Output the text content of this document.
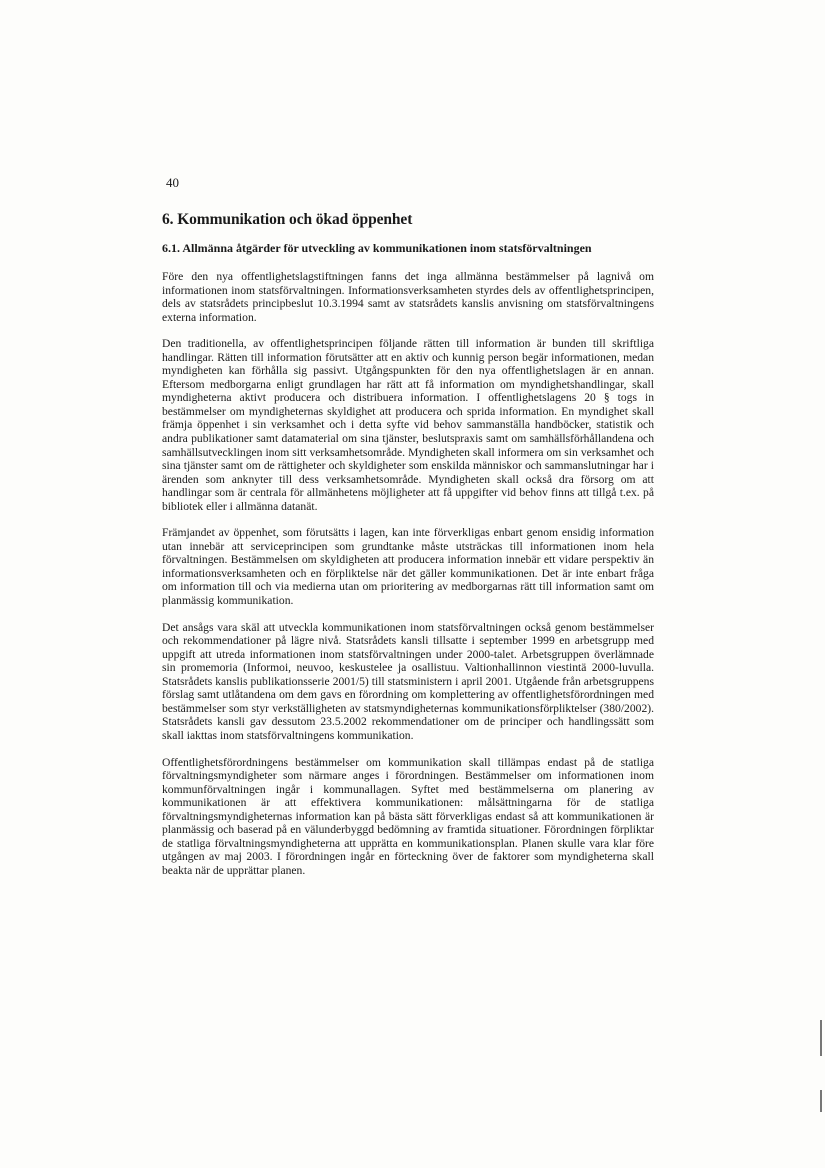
40
6. Kommunikation och ökad öppenhet
6.1. Allmänna åtgärder för utveckling av kommunikationen inom statsförvaltningen

Före den nya offentlighetslagstiftningen fanns det inga allmänna bestämmelser på lagnivå om informationen inom statsförvaltningen. Informationsverksamheten styrdes dels av offentlighetsprincipen, dels av statsrådets principbeslut 10.3.1994 samt av statsrådets kanslis anvisning om statsförvaltningens externa information.

Den traditionella, av offentlighetsprincipen följande rätten till information är bunden till skriftliga handlingar. Rätten till information förutsätter att en aktiv och kunnig person begär informationen, medan myndigheten kan förhålla sig passivt. Utgångspunkten för den nya offentlighetslagen är en annan. Eftersom medborgarna enligt grundlagen har rätt att få information om myndighetshandlingar, skall myndigheterna aktivt producera och distribuera information. I offentlighetslagens 20 § togs in bestämmelser om myndigheternas skyldighet att producera och sprida information. En myndighet skall främja öppenhet i sin verksamhet och i detta syfte vid behov sammanställa handböcker, statistik och andra publikationer samt datamaterial om sina tjänster, beslutspraxis samt om samhällsförhållandena och samhällsutvecklingen inom sitt verksamhetsområde. Myndigheten skall informera om sin verksamhet och sina tjänster samt om de rättigheter och skyldigheter som enskilda människor och sammanslutningar har i ärenden som anknyter till dess verksamhetsområde. Myndigheten skall också dra försorg om att handlingar som är centrala för allmänhetens möjligheter att få uppgifter vid behov finns att tillgå t.ex. på bibliotek eller i allmänna datanät.

Främjandet av öppenhet, som förutsätts i lagen, kan inte förverkligas enbart genom ensidig information utan innebär att serviceprincipen som grundtanke måste utsträckas till informationen inom hela förvaltningen. Bestämmelsen om skyldigheten att producera information innebär ett vidare perspektiv än informationsverksamheten och en förpliktelse när det gäller kommunikationen. Det är inte enbart fråga om information till och via medierna utan om prioritering av medborgarnas rätt till information samt om planmässig kommunikation.

Det ansågs vara skäl att utveckla kommunikationen inom statsförvaltningen också genom bestämmelser och rekommendationer på lägre nivå. Statsrådets kansli tillsatte i september 1999 en arbetsgrupp med uppgift att utreda informationen inom statsförvaltningen under 2000-talet. Arbetsgruppen överlämnade sin promemoria (Informoi, neuvoo, keskustelee ja osallistuu. Valtionhallinnon viestintä 2000-luvulla. Statsrådets kanslis publikationsserie 2001/5) till statsministern i april 2001. Utgående från arbetsgruppens förslag samt utlåtandena om dem gavs en förordning om komplettering av offentlighetsförordningen med bestämmelser som styr verkställigheten av statsmyndigheternas kommunikationsförpliktelser (380/2002). Statsrådets kansli gav dessutom 23.5.2002 rekommendationer om de principer och handlingssätt som skall iakttas inom statsförvaltningens kommunikation.

Offentlighetsförordningens bestämmelser om kommunikation skall tillämpas endast på de statliga förvaltningsmyndigheter som närmare anges i förordningen. Bestämmelser om informationen inom kommunförvaltningen ingår i kommunallagen. Syftet med bestämmelserna om planering av kommunikationen är att effektivera kommunikationen: målsättningarna för de statliga förvaltningsmyndigheternas information kan på bästa sätt förverkligas endast så att kommunikationen är planmässig och baserad på en välunderbyggd bedömning av framtida situationer. Förordningen förpliktar de statliga förvaltningsmyndigheterna att upprätta en kommunikationsplan. Planen skulle vara klar före utgången av maj 2003. I förordningen ingår en förteckning över de faktorer som myndigheterna skall beakta när de upprättar planen.
